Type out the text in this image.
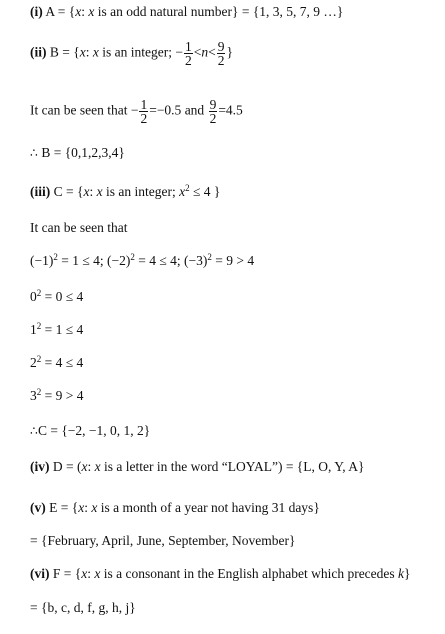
(i) A = {x: x is an odd natural number} = {1, 3, 5, 7, 9 …}
(ii) B = {x: x is an integer; − $\frac{1}{2} <n< \frac{9}{2}$ }
It can be seen that − $\frac{1}{2} =-0.5$ and $\frac{9}{2} =4.5$
∴ B = {0,1,2,3,4}
(iii) C = {x: x is an integer; $x^2 \le 4$ }
It can be seen that
$(-1)^2 = 1 \le 4$; $(-2)^2 = 4 \le 4$; $(-3)^2 = 9 > 4$
$0^2 = 0 \le 4$
$1^2 = 1 \le 4$
$2^2 = 4 \le 4$
$3^2 = 9 > 4$
∴C = {−2, −1, 0, 1, 2}
(iv) D = (x: x is a letter in the word “LOYAL”) = {L, O, Y, A}
(v) E = {x: x is a month of a year not having 31 days}
= {February, April, June, September, November}
(vi) F = {x: x is a consonant in the English alphabet which precedes k}
= {b, c, d, f, g, h, j}
